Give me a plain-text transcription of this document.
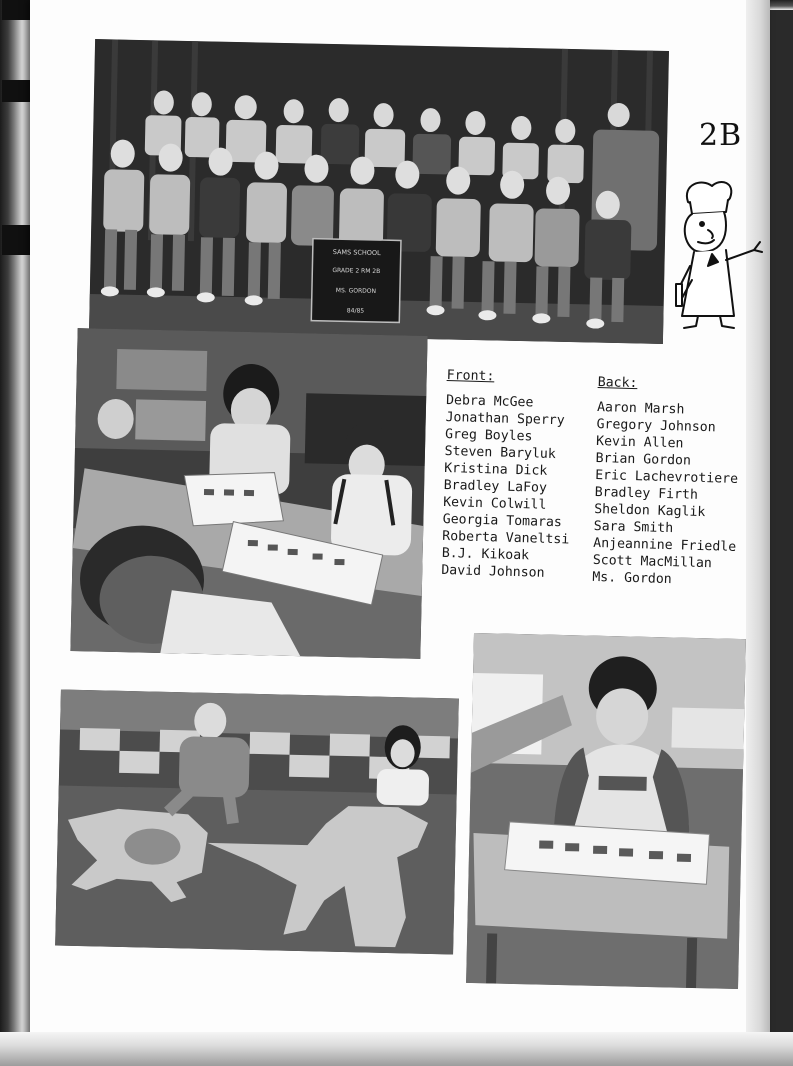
SAMS SCHOOL
GRADE 2 RM 2B
MS. GORDON
84/85
2B
Front:
Debra McGee
Jonathan Sperry
Greg Boyles
Steven Baryluk
Kristina Dick
Bradley LaFoy
Kevin Colwill
Georgia Tomaras
Roberta Vaneltsi
B.J. Kikoak
David Johnson
Back:
Aaron Marsh
Gregory Johnson
Kevin Allen
Brian Gordon
Eric Lachevrotiere
Bradley Firth
Sheldon Kaglik
Sara Smith
Anjeannine Friedle
Scott MacMillan
Ms. Gordon
